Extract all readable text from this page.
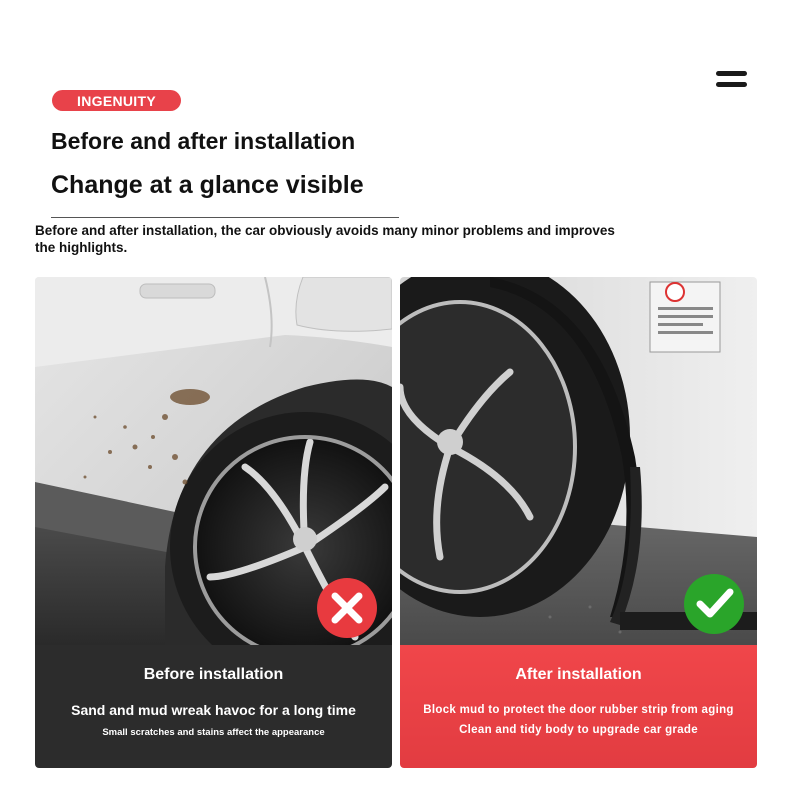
INGENUITY
Before and after installation
Change at a glance visible
Before and after installation, the car obviously avoids many minor problems and improves the highlights.
Before installation
Sand and mud wreak havoc for a long time
Small scratches and stains affect the appearance
After installation
Block mud to protect the door rubber strip from aging
Clean and tidy body to upgrade car grade
